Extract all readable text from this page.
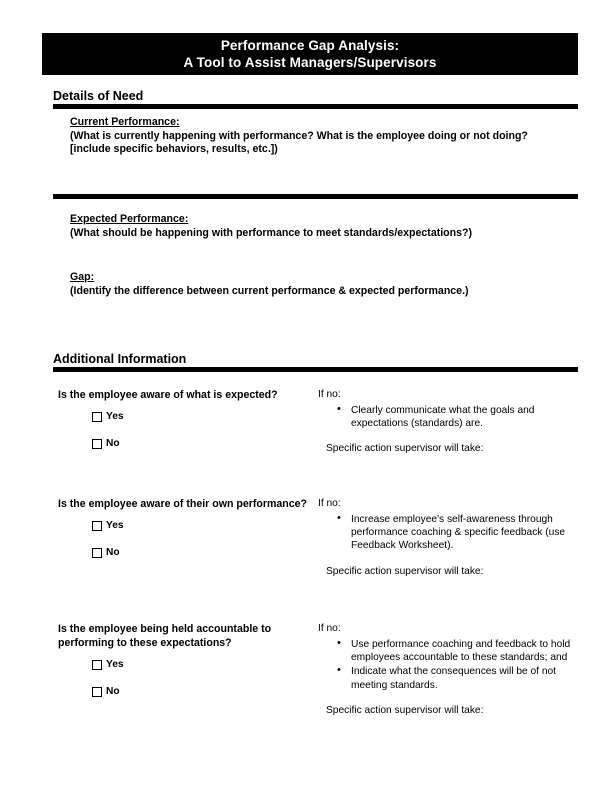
Performance Gap Analysis:
A Tool to Assist Managers/Supervisors
Details of Need
Current Performance:
(What is currently happening with performance? What is the employee doing or not doing? [include specific behaviors, results, etc.])
Expected Performance:
(What should be happening with performance to meet standards/expectations?)
Gap:
(Identify the difference between current performance & expected performance.)
Additional Information
Is the employee aware of what is expected?
Yes
No
If no:
• Clearly communicate what the goals and expectations (standards) are.
Specific action supervisor will take:
Is the employee aware of their own performance?
Yes
No
If no:
• Increase employee's self-awareness through performance coaching & specific feedback (use Feedback Worksheet).
Specific action supervisor will take:
Is the employee being held accountable to performing to these expectations?
Yes
No
If no:
• Use performance coaching and feedback to hold employees accountable to these standards; and
• Indicate what the consequences will be of not meeting standards.
Specific action supervisor will take:
